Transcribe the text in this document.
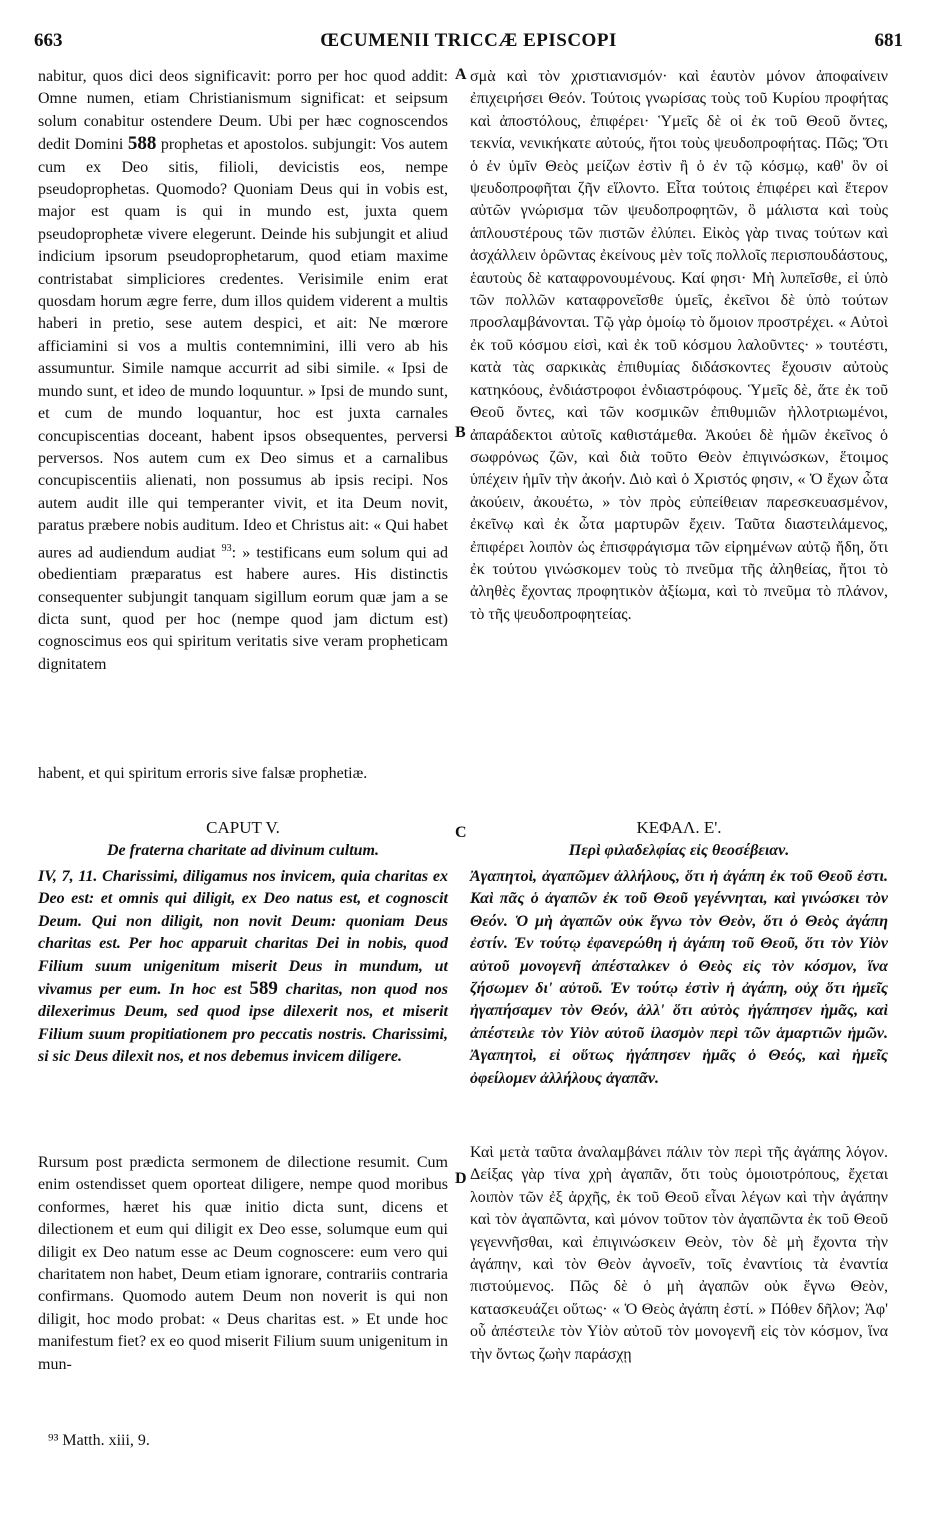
663	ŒCUMENII TRICCÆ EPISCOPI	681

nabitur, quos dici deos significavit: porro per hoc quod addit: Omne numen, etiam Christianismum significat: et seipsum solum conabitur ostendere Deum. Ubi per hæc cognoscendos dedit Domini 588 prophetas et apostolos. subjungit: Vos autem cum ex Deo sitis, filioli, devicistis eos, nempe pseudoprophetas. Quomodo? Quoniam Deus qui in vobis est, major est quam is qui in mundo est, juxta quem pseudoprophetæ vivere elegerunt. Deinde his subjungit et aliud indicium ipsorum pseudoprophetarum, quod etiam maxime contristabat simpliciores credentes. Verisimile enim erat quosdam horum ægre ferre, dum illos quidem viderent a multis haberi in pretio, sese autem despici, et ait: Ne mœrore afficiamini si vos a multis contemnimini, illi vero ab his assumuntur. Simile namque accurrit ad sibi simile. « Ipsi de mundo sunt, et ideo de mundo loquuntur. » Ipsi de mundo sunt, et cum de mundo loquantur, hoc est juxta carnales concupiscentias doceant, habent ipsos obsequentes, perversi perversos. Nos autem cum ex Deo simus et a carnalibus concupiscentiis alienati, non possumus ab ipsis recipi. Nos autem audit ille qui temperanter vivit, et ita Deum novit, paratus præbere nobis auditum. Ideo et Christus ait: « Qui habet aures ad audiendum audiat $^{93}$: » testificans eum solum qui ad obedientiam præparatus est habere aures. His distinctis consequenter subjungit tanquam sigillum eorum quæ jam a se dicta sunt, quod per hoc (nempe quod jam dictum est) cognoscimus eos qui spiritum veritatis sive veram propheticam dignitatem

σμὰ καὶ τὸν χριστιανισμόν· καὶ ἑαυτὸν μόνον ἀποφαίνειν ἐπιχειρήσει Θεόν. Τούτοις γνωρίσας τοὺς τοῦ Κυρίου προφήτας καὶ ἀποστόλους, ἐπιφέρει· Ὑμεῖς δὲ οἱ ἐκ τοῦ Θεοῦ ὄντες, τεκνία, νενικήκατε αὐτούς, ἤτοι τοὺς ψευδοπροφήτας. Πῶς; Ὅτι ὁ ἐν ὑμῖν Θεὸς μείζων ἐστὶν ἢ ὁ ἐν τῷ κόσμῳ, καθ' ὃν οἱ ψευδοπροφῆται ζῆν εἵλοντο. Εἶτα τούτοις ἐπιφέρει καὶ ἕτερον αὐτῶν γνώρισμα τῶν ψευδοπροφητῶν, ὃ μάλιστα καὶ τοὺς ἁπλουστέρους τῶν πιστῶν ἐλύπει. Εἰκὸς γὰρ τινας τούτων καὶ ἀσχάλλειν ὁρῶντας ἐκείνους μὲν τοῖς πολλοῖς περισπουδάστους, ἑαυτοὺς δὲ καταφρονουμένους. Καί φησι· Μὴ λυπεῖσθε, εἰ ὑπὸ τῶν πολλῶν καταφρονεῖσθε ὑμεῖς, ἐκεῖνοι δὲ ὑπὸ τούτων προσλαμβάνονται. Τῷ γὰρ ὁμοίῳ τὸ ὅμοιον προστρέχει. « Αὐτοὶ ἐκ τοῦ κόσμου εἰσὶ, καὶ ἐκ τοῦ κόσμου λαλοῦντες· » τουτέστι, κατὰ τὰς σαρκικὰς ἐπιθυμίας διδάσκοντες ἔχουσιν αὐτοὺς κατηκόους, ἐνδιάστροφοι ἐνδιαστρόφους. Ὑμεῖς δὲ, ἅτε ἐκ τοῦ Θεοῦ ὄντες, καὶ τῶν κοσμικῶν ἐπιθυμιῶν ἠλλοτριωμένοι, ἀπαράδεκτοι αὐτοῖς καθιστάμεθα. Ἀκούει δὲ ἡμῶν ἐκεῖνος ὁ σωφρόνως ζῶν, καὶ διὰ τοῦτο Θεὸν ἐπιγινώσκων, ἕτοιμος ὑπέχειν ἡμῖν τὴν ἀκοήν. Διὸ καὶ ὁ Χριστός φησιν, « Ὁ ἔχων ὦτα ἀκούειν, ἀκουέτω, » τὸν πρὸς εὐπείθειαν παρεσκευασμένον, ἐκεῖνῳ καὶ ἐκ ὦτα μαρτυρῶν ἔχειν. Ταῦτα διαστειλάμενος, ἐπιφέρει λοιπὸν ὡς ἐπισφράγισμα τῶν εἰρημένων αὐτῷ ἤδη, ὅτι ἐκ τούτου γινώσκομεν τοὺς τὸ πνεῦμα τῆς ἀληθείας, ἤτοι τὸ ἀληθὲς ἔχοντας προφητικὸν ἀξίωμα, καὶ τὸ πνεῦμα τὸ πλάνον, τὸ τῆς ψευδοπροφητείας.

habent, et qui spiritum erroris sive falsæ prophetiæ.

A
B
C
D
CAPUT V.	ΚΕΦΑΛ. Ε'.
De fraterna charitate ad divinum cultum.	Περὶ φιλαδελφίας εἰς θεοσέβειαν.
IV, 7, 11. Charissimi, diligamus nos invicem, quia charitas ex Deo est: et omnis qui diligit, ex Deo natus est, et cognoscit Deum. Qui non diligit, non novit Deum: quoniam Deus charitas est. Per hoc apparuit charitas Dei in nobis, quod Filium suum unigenitum miserit Deus in mundum, ut vivamus per eum. In hoc est 589 charitas, non quod nos dilexerimus Deum, sed quod ipse dilexerit nos, et miserit Filium suum propitiationem pro peccatis nostris. Charissimi, si sic Deus dilexit nos, et nos debemus invicem diligere.
Ἀγαπητοὶ, ἀγαπῶμεν ἀλλήλους, ὅτι ἡ ἀγάπη ἐκ τοῦ Θεοῦ ἐστι. Καὶ πᾶς ὁ ἀγαπῶν ἐκ τοῦ Θεοῦ γεγέννηται, καὶ γινώσκει τὸν Θεόν. Ὁ μὴ ἀγαπῶν οὐκ ἔγνω τὸν Θεὸν, ὅτι ὁ Θεὸς ἀγάπη ἐστίν. Ἐν τούτῳ ἐφανερώθη ἡ ἀγάπη τοῦ Θεοῦ, ὅτι τὸν Υἱὸν αὐτοῦ μονογενῆ ἀπέσταλκεν ὁ Θεὸς εἰς τὸν κόσμον, ἵνα ζήσωμεν δι' αὐτοῦ. Ἐν τούτῳ ἐστὶν ἡ ἀγάπη, οὐχ ὅτι ἡμεῖς ἠγαπήσαμεν τὸν Θεόν, ἀλλ' ὅτι αὐτὸς ἠγάπησεν ἡμᾶς, καὶ ἀπέστειλε τὸν Υἱὸν αὐτοῦ ἱλασμὸν περὶ τῶν ἁμαρτιῶν ἡμῶν. Ἀγαπητοὶ, εἰ οὕτως ἠγάπησεν ἡμᾶς ὁ Θεός, καὶ ἡμεῖς ὀφείλομεν ἀλλήλους ἀγαπᾶν.

Rursum post prædicta sermonem de dilectione resumit. Cum enim ostendisset quem oporteat diligere, nempe quod moribus conformes, hæret his quæ initio dicta sunt, dicens et dilectionem et eum qui diligit ex Deo esse, solumque eum qui diligit ex Deo natum esse ac Deum cognoscere: eum vero qui charitatem non habet, Deum etiam ignorare, contrariis contraria confirmans. Quomodo autem Deum non noverit is qui non diligit, hoc modo probat: « Deus charitas est. » Et unde hoc manifestum fiet? ex eo quod miserit Filium suum unigenitum in mun-

Καὶ μετὰ ταῦτα ἀναλαμβάνει πάλιν τὸν περὶ τῆς ἀγάπης λόγον. Δείξας γὰρ τίνα χρὴ ἀγαπᾶν, ὅτι τοὺς ὁμοιοτρόπους, ἔχεται λοιπὸν τῶν ἐξ ἀρχῆς, ἐκ τοῦ Θεοῦ εἶναι λέγων καὶ τὴν ἀγάπην καὶ τὸν ἀγαπῶντα, καὶ μόνον τοῦτον τὸν ἀγαπῶντα ἐκ τοῦ Θεοῦ γεγεννῆσθαι, καὶ ἐπιγινώσκειν Θεὸν, τὸν δὲ μὴ ἔχοντα τὴν ἀγάπην, καὶ τὸν Θεὸν ἀγνοεῖν, τοῖς ἐναντίοις τὰ ἐναντία πιστούμενος. Πῶς δὲ ὁ μὴ ἀγαπῶν οὐκ ἔγνω Θεὸν, κατασκευάζει οὕτως· « Ὁ Θεὸς ἀγάπη ἐστί. » Πόθεν δῆλον; Ἀφ' οὗ ἀπέστειλε τὸν Υἱὸν αὐτοῦ τὸν μονογενῆ εἰς τὸν κόσμον, ἵνα τὴν ὄντως ζωὴν παράσχῃ

⁹³ Matth. xiii, 9.
